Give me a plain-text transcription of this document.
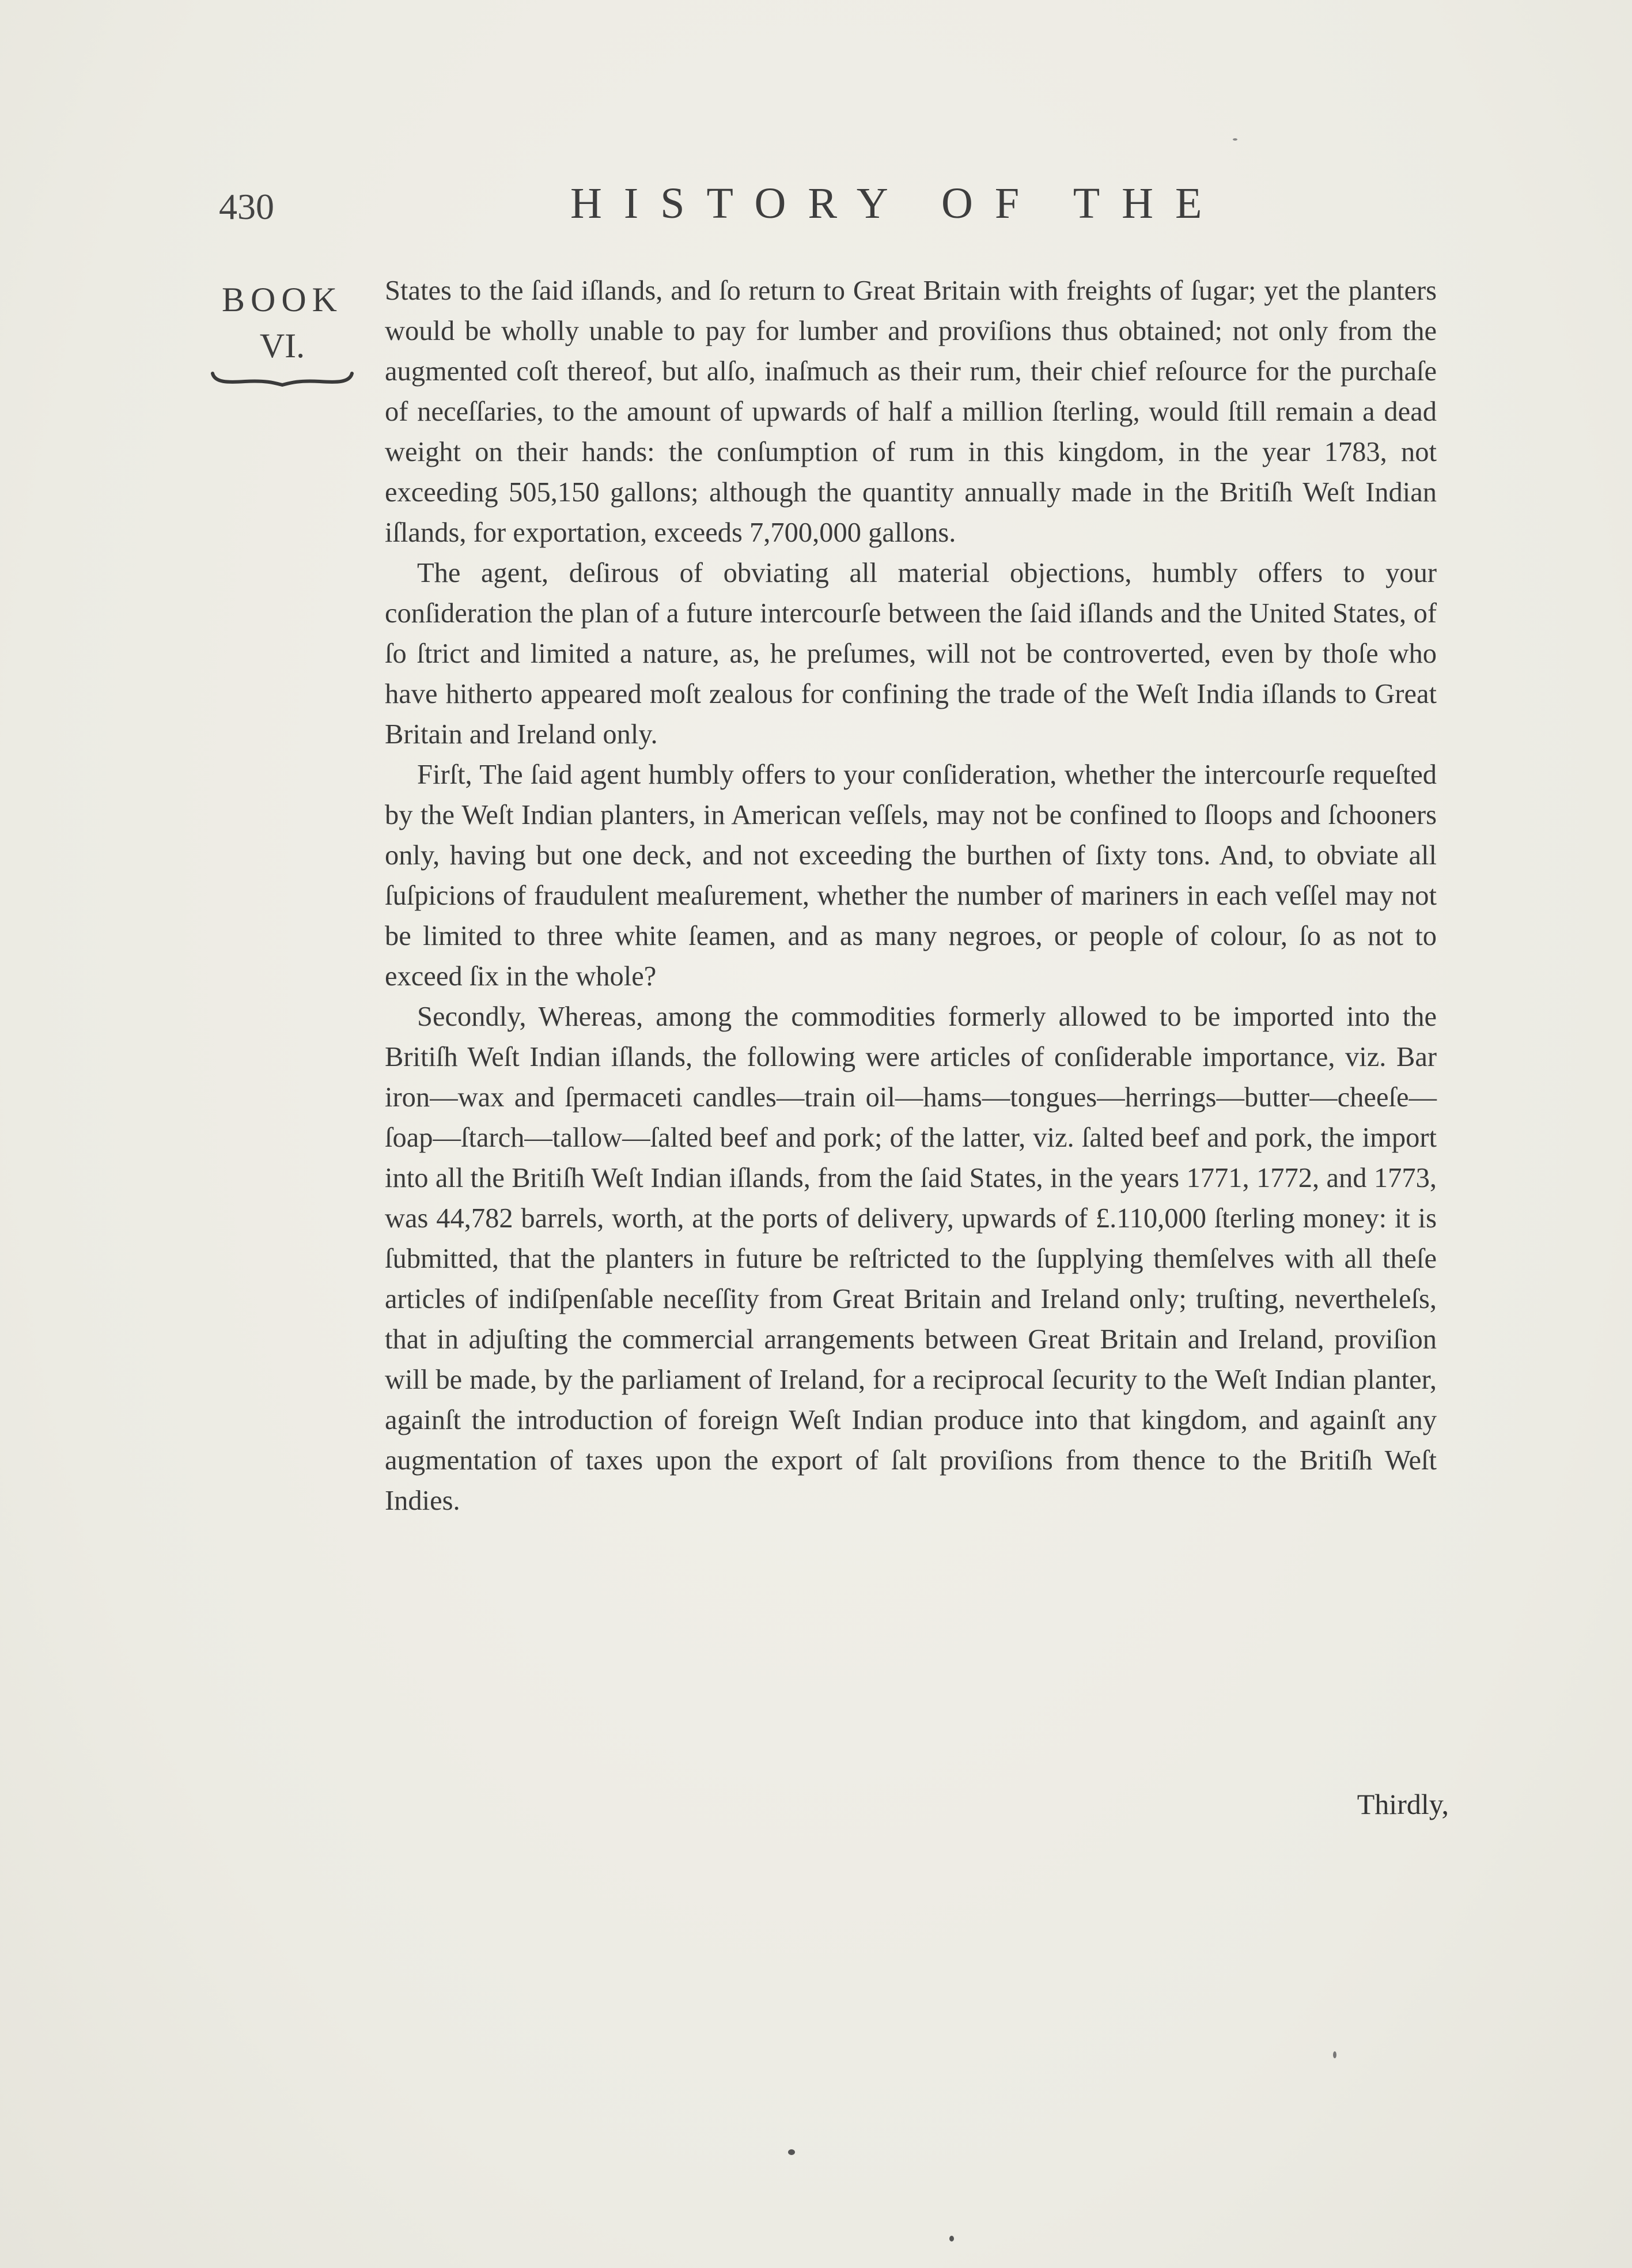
430	HISTORY OF THE
BOOK
VI.

States to the ſaid iſlands, and ſo return to Great Britain with freights of ſugar; yet the planters would be wholly unable to pay for lumber and proviſions thus obtained; not only from the augmented coſt thereof, but alſo, inaſmuch as their rum, their chief reſource for the purchaſe of neceſſaries, to the amount of upwards of half a million ſterling, would ſtill remain a dead weight on their hands: the conſumption of rum in this kingdom, in the year 1783, not exceeding 505,150 gallons; although the quantity annually made in the Britiſh Weſt Indian iſlands, for exportation, exceeds 7,700,000 gallons.

The agent, deſirous of obviating all material objections, humbly offers to your conſideration the plan of a future intercourſe between the ſaid iſlands and the United States, of ſo ſtrict and limited a nature, as, he preſumes, will not be controverted, even by thoſe who have hitherto appeared moſt zealous for confining the trade of the Weſt India iſlands to Great Britain and Ireland only.

Firſt, The ſaid agent humbly offers to your conſideration, whether the intercourſe requeſted by the Weſt Indian planters, in American veſſels, may not be confined to ſloops and ſchooners only, having but one deck, and not exceeding the burthen of ſixty tons. And, to obviate all ſuſpicions of fraudulent meaſurement, whether the number of mariners in each veſſel may not be limited to three white ſeamen, and as many negroes, or people of colour, ſo as not to exceed ſix in the whole?

Secondly, Whereas, among the commodities formerly allowed to be imported into the Britiſh Weſt Indian iſlands, the following were articles of conſiderable importance, viz. Bar iron—wax and ſpermaceti candles—train oil—hams—tongues—herrings—butter—cheeſe—ſoap—ſtarch—tallow—ſalted beef and pork; of the latter, viz. ſalted beef and pork, the import into all the Britiſh Weſt Indian iſlands, from the ſaid States, in the years 1771, 1772, and 1773, was 44,782 barrels, worth, at the ports of delivery, upwards of £.110,000 ſterling money: it is ſubmitted, that the planters in future be reſtricted to the ſupplying themſelves with all theſe articles of indiſpenſable neceſſity from Great Britain and Ireland only; truſting, nevertheleſs, that in adjuſting the commercial arrangements between Great Britain and Ireland, proviſion will be made, by the parliament of Ireland, for a reciprocal ſecurity to the Weſt Indian planter, againſt the introduction of foreign Weſt Indian produce into that kingdom, and againſt any augmentation of taxes upon the export of ſalt proviſions from thence to the Britiſh Weſt Indies.

Thirdly,
